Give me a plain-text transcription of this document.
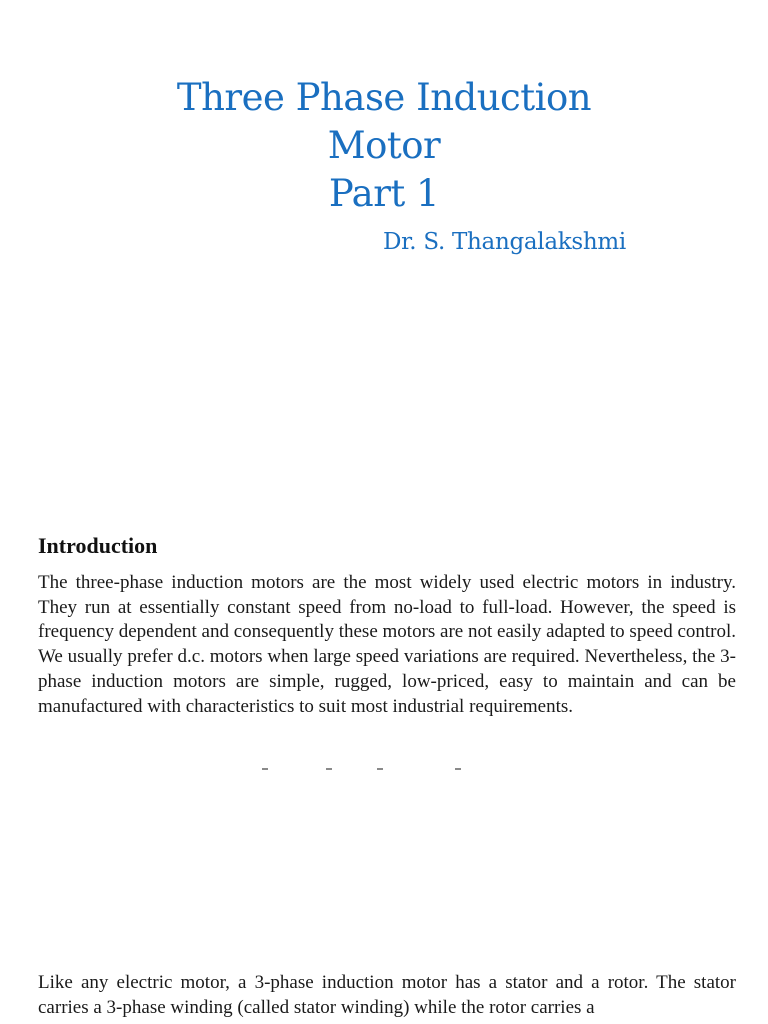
Three Phase Induction
Motor
Part 1
Dr. S. Thangalakshmi
Introduction
The three-phase induction motors are the most widely used electric motors in industry. They run at essentially constant speed from no-load to full-load. However, the speed is frequency dependent and consequently these motors are not easily adapted to speed control. We usually prefer d.c. motors when large speed variations are required. Nevertheless, the 3-phase induction motors are simple, rugged, low-priced, easy to maintain and can be manufactured with characteristics to suit most industrial requirements.
Like any electric motor, a 3-phase induction motor has a stator and a rotor. The stator carries a 3-phase winding (called stator winding) while the rotor carries a
